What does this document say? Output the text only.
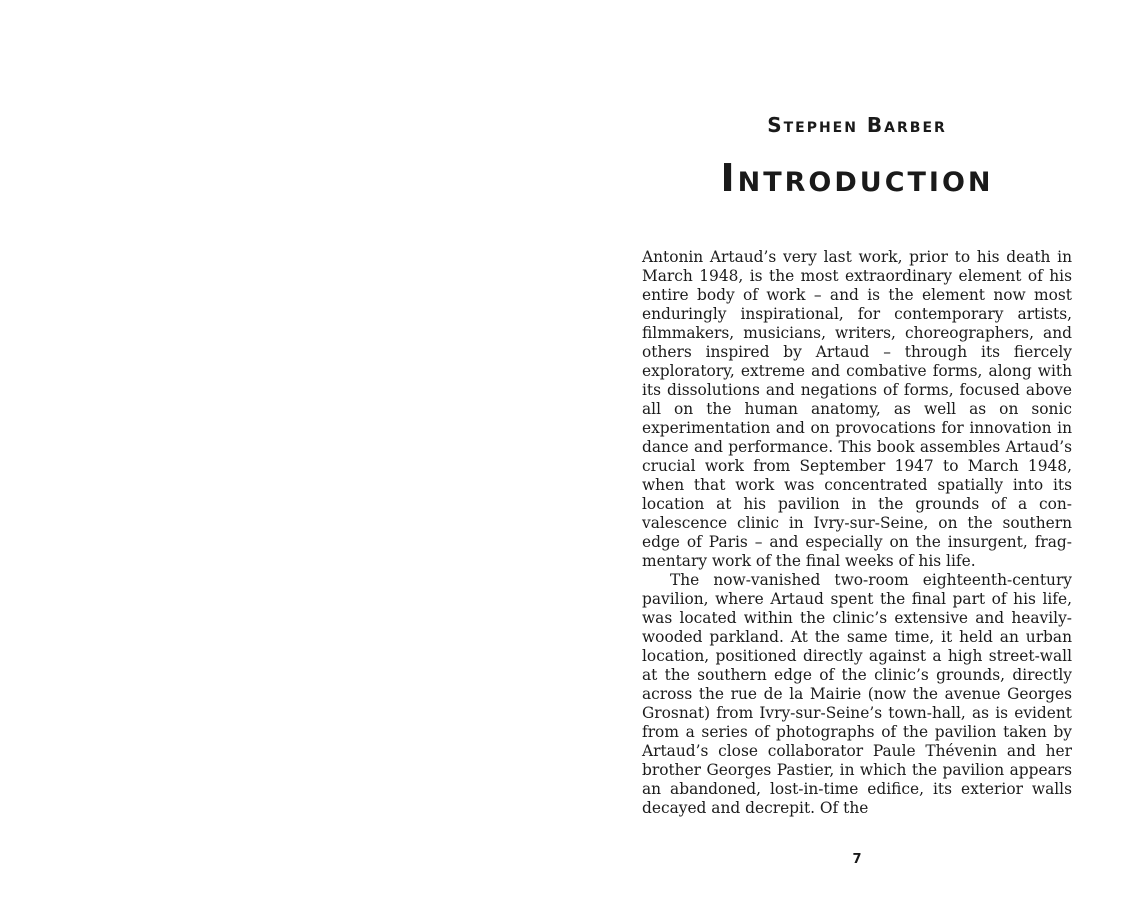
Stephen Barber
Introduction

Antonin Artaud’s very last work, prior to his death in March 1948, is the most extraordinary element of his entire body of work – and is the element now most enduringly inspirational, for contemporary artists, filmmakers, musicians, writers, choreographers, and others inspired by Artaud – through its fiercely exploratory, extreme and combative forms, along with its dissolutions and negations of forms, focused above all on the human anatomy, as well as on sonic experimentation and on provocations for innovation in dance and performance. This book assembles Artaud’s crucial work from September 1947 to March 1948, when that work was concentrated spatially into its location at his pavilion in the grounds of a convalescence clinic in Ivry-sur-Seine, on the southern edge of Paris – and especially on the insurgent, fragmentary work of the final weeks of his life.

The now-vanished two-room eighteenth-century pavilion, where Artaud spent the final part of his life, was located within the clinic’s extensive and heavily-wooded parkland. At the same time, it held an urban location, positioned directly against a high street-wall at the southern edge of the clinic’s grounds, directly across the rue de la Mairie (now the avenue Georges Grosnat) from Ivry-sur-Seine’s town-hall, as is evident from a series of photographs of the pavilion taken by Artaud’s close collaborator Paule Thévenin and her brother Georges Pastier, in which the pavilion appears an abandoned, lost-in-time edifice, its exterior walls decayed and decrepit. Of the

7
